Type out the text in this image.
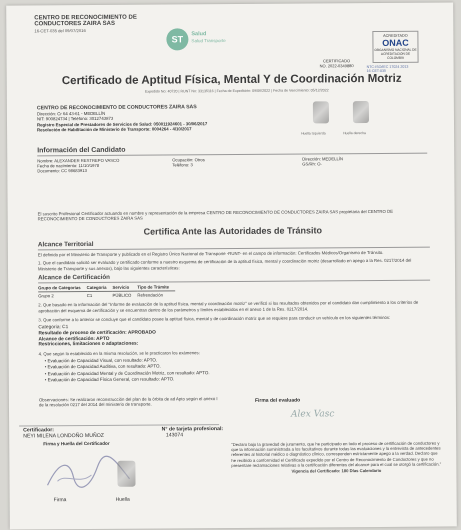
CENTRO DE RECONOCIMIENTO DE CONDUCTORES ZAIRA SAS
16-CET-035 del 09/07/2016
ST
Salud
Salud Transporte
ACREDITADO
ONAC
ORGANISMO NACIONAL DE ACREDITACIÓN DE COLOMBIA
CERTIFICADO
NO. 2022-0349880	NTC-ISO/IEC 17024 2013
16-CET-035
Certificado de Aptitud Física, Mental Y de Coordinación Motriz
Expedido No: 40720 | RUNT No: 33135116 | Fecha de Expedición: 09/06/2022 | Fecha de Vencimiento: 05/12/2022
CENTRO DE RECONOCIMIENTO DE CONDUCTORES ZAIRA SAS
Dirección: Cr 64 43-61 - MEDELLÍN
NIT: 900824734 | Teléfono: 3012743873
Registro Especial de Prestadores de Servicios de Salud: 050011924601 - 30/06/2017
Resolución de Habilitación de Ministerio de Transporte: 0004264 - 4/10/2017
Huella Izquierda	Huella derecha
Información del Candidato
Nombre: ALEXANDER RESTREPO VASCO
Fecha de nacimiento: 11/10/1978
Documento: CC 98683913
Ocupación: Otros
Teléfono: 3
Dirección: MEDELLÍN
GS/Rh: O-
El suscrito Profesional Certificador actuando en nombre y representación de la empresa CENTRO DE RECONOCIMIENTO DE CONDUCTORES ZAIRA SAS propietaria del CENTRO DE RECONOCIMIENTO DE CONDUCTORES ZAIRA SAS
Certifica Ante las Autoridades de Tránsito
Alcance Territorial
El definido por el Ministerio de Transporte y publicado en el Registro Único Nacional de Transporte -RUNT- en el campo de información: Certificados Médicos/Organismo de Tránsito.
1. Que el candidato solicitó ser evaluado y certificado conforme a nuestro esquema de certificación de la aptitud física, mental y coordinación motriz (desarrollado en apego a la Res. 0217/2014 del Ministerio de Transporte y sus anexos), bajo las siguientes características:
Alcance de Certificación
Grupo de Categorías	Categoría	Servicio	Tipo de Trámite
Grupo 2	C1	PÚBLICO	Refrendación
2. Que basado en la información del "Informe de evaluación de la aptitud física, mental y coordinación motriz" se verificó si los resultados obtenidos por el candidato dan cumplimiento a los criterios de aprobación del esquema de certificación y se encuentran dentro de los parámetros y límites establecidos en el anexo 1 de la Res. 0217/2014.
3. Que conforme a lo anterior se concluye que el candidato posee la aptitud física, mental y de coordinación motriz que se requiere para conducir un vehículo en los siguientes términos:
Categoría: C1
Resultado de proceso de certificación: APROBADO
Alcance de certificación: APTO
Restricciones, limitaciones o adaptaciones:
4. Que según lo establecido en la misma resolución, se le practicaron los exámenes:
• Evaluación de Capacidad Visual, con resultado: APTO.
• Evaluación de Capacidad Auditiva, con resultado: APTO.
• Evaluación de Capacidad Mental y de Coordinación Motriz, con resultado: APTO.
• Evaluación de Capacidad Física General, con resultado: APTO.
Observaciones: Se realizaron reconstrucción del plan de la órbita de ad Apto según el anexo I de la resolución 0217 del 2014 del ministerio de transporte.
Firma del evaluado
Alex Vasc
Certificador:	N° de tarjeta profesional:
NEYI MILENA LONDOÑO MUÑOZ	143074
Firma y Huella del Certificador
Firma	Huella
"Declaro bajo la gravedad de juramento, que he participado en todo el proceso de certificación de conductores y que la información suministrada a los facultativos durante todas las evaluaciones y la entrevista de antecedentes referentes al historial médico o diagnóstico clínico, corresponden estrictamente apego a la verdad. Declaro que he recibido a conformidad el Certificado expedido por el Centro de Reconocimiento de Conductores y que no presentare reclamaciones relativas a la certificación diferentes del alcance para el cual se otorgó la certificación."
Vigencia del Certificado: 180 Días Calendario
